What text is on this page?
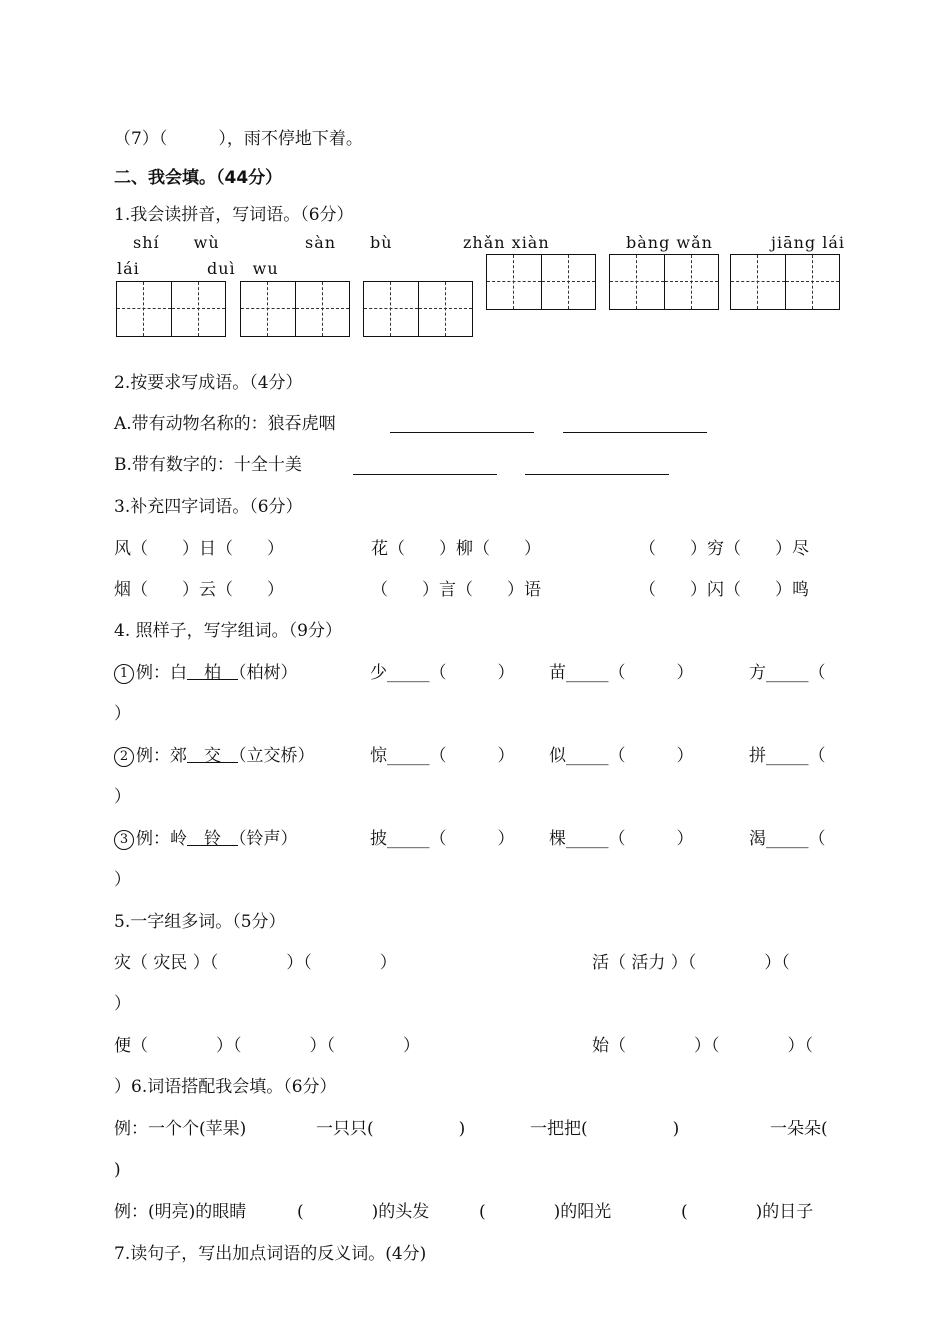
（7）（　　　），雨不停地下着。
二、我会填。（44分）
1.我会读拼音，写词语。（6分）
shí　　wù	sàn　　bù	zhǎn xiàn	bàng wǎn	jiāng lái
lái	duì　wu
2.按要求写成语。（4分）
A.带有动物名称的：狼吞虎咽
B.带有数字的：十全十美
3.补充四字词语。（6分）
风（　　）日（　　）	花（　　）柳（　　）	（　　）穷（　　）尽
烟（　　）云（　　）	（　　）言（　　）语	（　　）闪（　　）鸣
4. 照样子，写字组词。（9分）
1 例：白　柏　（柏树）	少_____（　　　） 苗_____（　　　）	方_____（
）
2 例：郊　交　（立交桥）	惊_____（　　　） 似_____（　　　）	拼_____（
）
3 例：岭　铃　（铃声）	披_____（　　　） 棵_____（　　　）	渴_____（
）
5.一字组多词。（5分）
灾（ 灾民 ）（　　　　）（　　　　）	活（ 活力 ）（　　　　）（
）
便（　　　　）（　　　　）（　　　　）	始（　　　　）（　　　　）（
）6.词语搭配我会填。（6分）
例：一个个(苹果)	一只只(　　　　　)	一把把(　　　　　)	一朵朵(
)
例：(明亮)的眼睛	(　　　　)的头发	(　　　　)的阳光	(　　　　)的日子
7.读句子，写出加点词语的反义词。(4分)
